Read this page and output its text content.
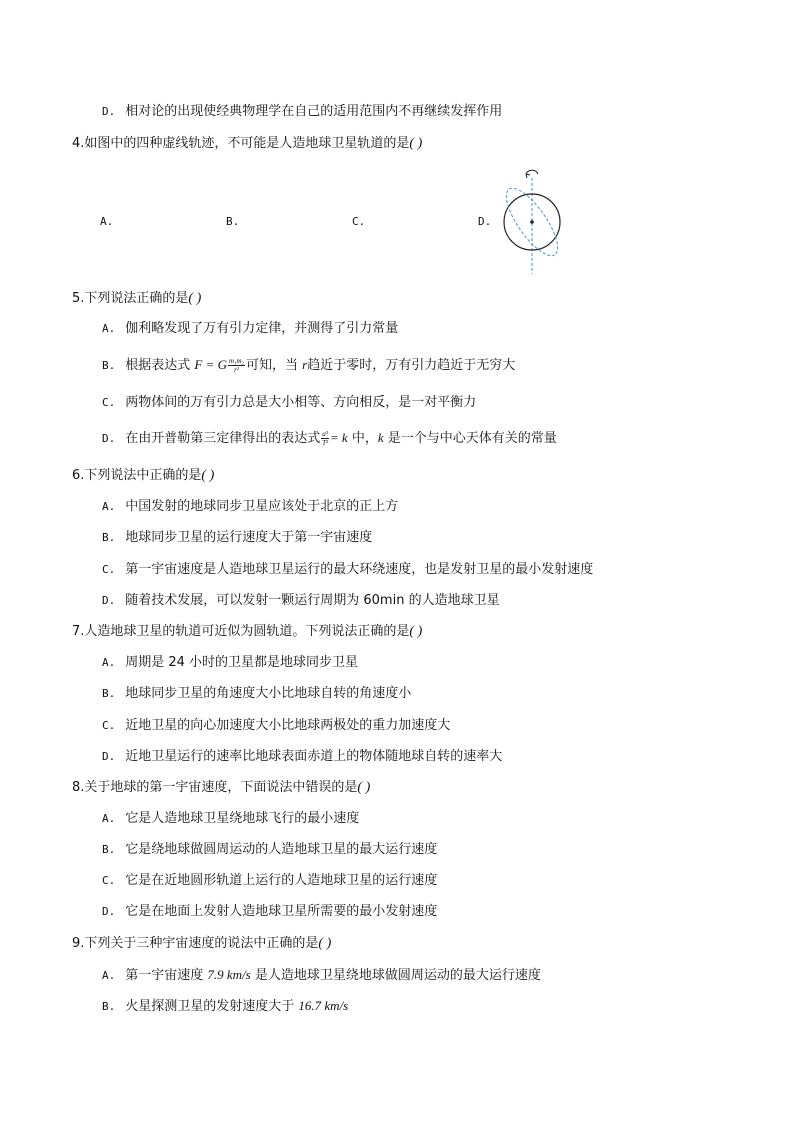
D. 相对论的出现使经典物理学在自己的适用范围内不再继续发挥作用
4.如图中的四种虚线轨迹，不可能是人造地球卫星轨道的是( )
A.	B.	C.	D.
5.下列说法正确的是( )
A. 伽利略发现了万有引力定律，并测得了引力常量
B. 根据表达式 F = G $\frac{\text{m₁m₂}}{\text{r²}}$ 可知，当 r趋近于零时，万有引力趋近于无穷大
C. 两物体间的万有引力总是大小相等、方向相反，是一对平衡力
D. 在由开普勒第三定律得出的表达式 $\frac{\text{a³}}{\text{T²}} = k$ 中，k 是一个与中心天体有关的常量
6.下列说法中正确的是( )
A. 中国发射的地球同步卫星应该处于北京的正上方
B. 地球同步卫星的运行速度大于第一宇宙速度
C. 第一宇宙速度是人造地球卫星运行的最大环绕速度，也是发射卫星的最小发射速度
D. 随着技术发展，可以发射一颗运行周期为 60min 的人造地球卫星
7.人造地球卫星的轨道可近似为圆轨道。下列说法正确的是( )
A. 周期是 24 小时的卫星都是地球同步卫星
B. 地球同步卫星的角速度大小比地球自转的角速度小
C. 近地卫星的向心加速度大小比地球两极处的重力加速度大
D. 近地卫星运行的速率比地球表面赤道上的物体随地球自转的速率大
8.关于地球的第一宇宙速度，下面说法中错误的是( )
A. 它是人造地球卫星绕地球飞行的最小速度
B. 它是绕地球做圆周运动的人造地球卫星的最大运行速度
C. 它是在近地圆形轨道上运行的人造地球卫星的运行速度
D. 它是在地面上发射人造地球卫星所需要的最小发射速度
9.下列关于三种宇宙速度的说法中正确的是( )
A. 第一宇宙速度 7.9 km/s 是人造地球卫星绕地球做圆周运动的最大运行速度
B. 火星探测卫星的发射速度大于 16.7 km/s
